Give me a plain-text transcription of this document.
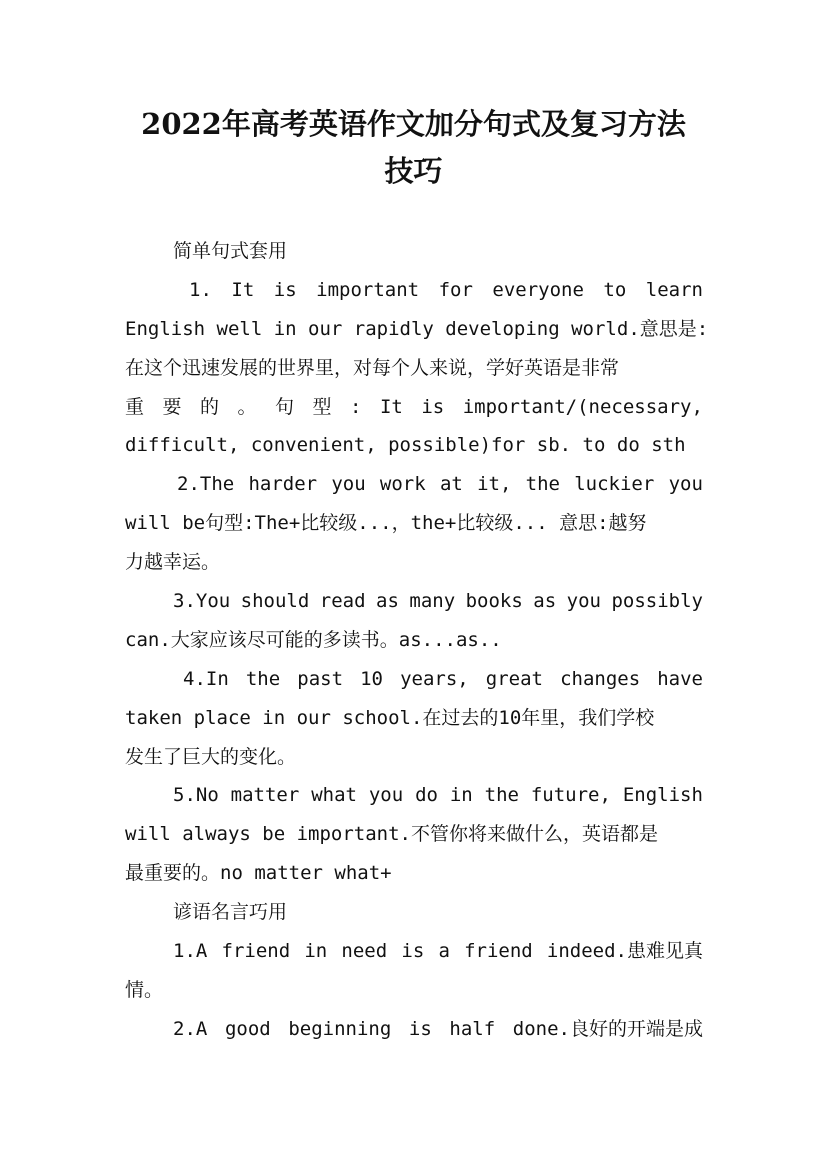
2022年高考英语作文加分句式及复习方法
技巧
简单句式套用
1. It is important for everyone to learn
English well in our rapidly developing world.意思是:
在这个迅速发展的世界里，对每个人来说，学好英语是非常
重 要 的 。 句 型 : It is important/(necessary,
difficult, convenient, possible)for sb. to do sth
2.The harder you work at it, the luckier you
will be句型:The+比较级...，the+比较级... 意思:越努
力越幸运。
3.You should read as many books as you possibly
can.大家应该尽可能的多读书。as...as..
4.In the past 10 years, great changes have
taken place in our school.在过去的10年里，我们学校
发生了巨大的变化。
5.No matter what you do in the future, English
will always be important.不管你将来做什么，英语都是
最重要的。no matter what+
谚语名言巧用
1.A friend in need is a friend indeed.患难见真
情。
2.A good beginning is half done.良好的开端是成
